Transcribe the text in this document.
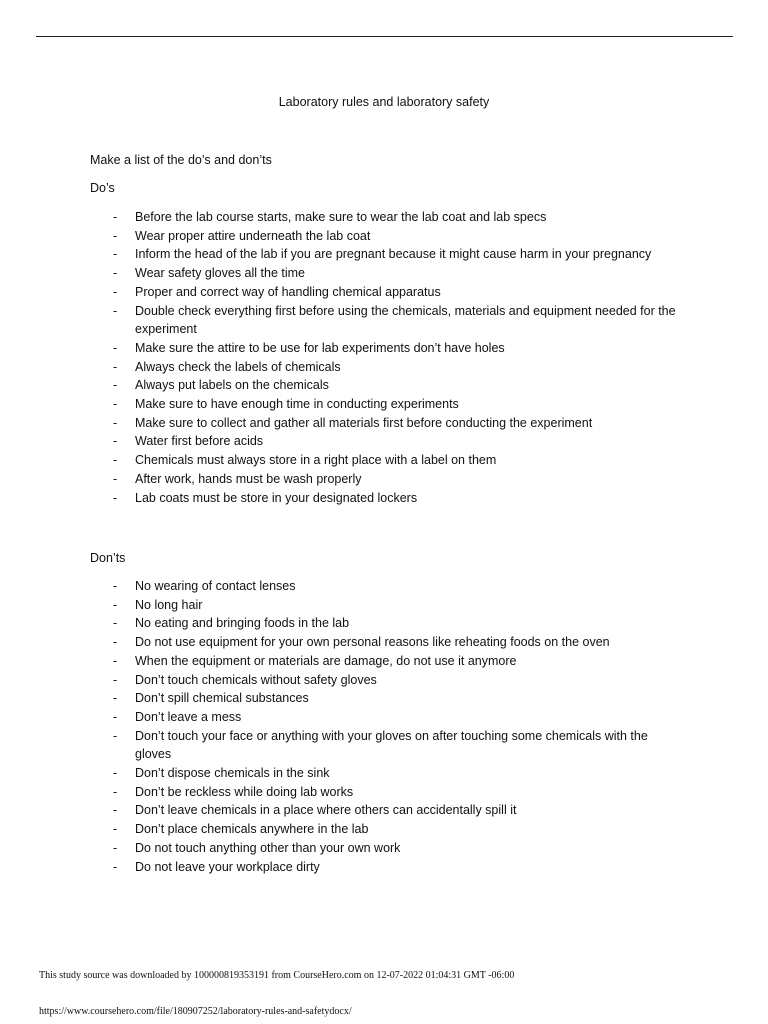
Laboratory rules and laboratory safety
Make a list of the do’s and don’ts
Do’s
- Before the lab course starts, make sure to wear the lab coat and lab specs
- Wear proper attire underneath the lab coat
- Inform the head of the lab if you are pregnant because it might cause harm in your pregnancy
- Wear safety gloves all the time
- Proper and correct way of handling chemical apparatus
- Double check everything first before using the chemicals, materials and equipment needed for the experiment
- Make sure the attire to be use for lab experiments don’t have holes
- Always check the labels of chemicals
- Always put labels on the chemicals
- Make sure to have enough time in conducting experiments
- Make sure to collect and gather all materials first before conducting the experiment
- Water first before acids
- Chemicals must always store in a right place with a label on them
- After work, hands must be wash properly
- Lab coats must be store in your designated lockers
Don’ts
- No wearing of contact lenses
- No long hair
- No eating and bringing foods in the lab
- Do not use equipment for your own personal reasons like reheating foods on the oven
- When the equipment or materials are damage, do not use it anymore
- Don’t touch chemicals without safety gloves
- Don’t spill chemical substances
- Don’t leave a mess
- Don’t touch your face or anything with your gloves on after touching some chemicals with the gloves
- Don’t dispose chemicals in the sink
- Don’t be reckless while doing lab works
- Don’t leave chemicals in a place where others can accidentally spill it
- Don’t place chemicals anywhere in the lab
- Do not touch anything other than your own work
- Do not leave your workplace dirty
This study source was downloaded by 100000819353191 from CourseHero.com on 12-07-2022 01:04:31 GMT -06:00
https://www.coursehero.com/file/180907252/laboratory-rules-and-safetydocx/
